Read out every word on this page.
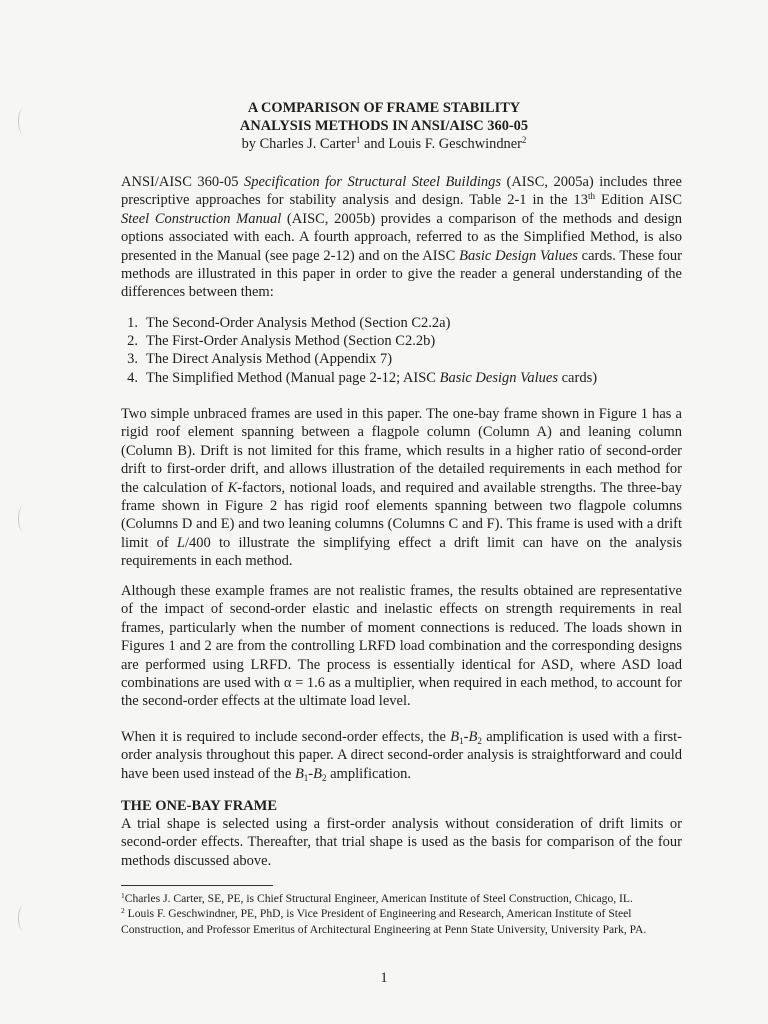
A COMPARISON OF FRAME STABILITY
ANALYSIS METHODS IN ANSI/AISC 360-05
by Charles J. Carter$^1$ and Louis F. Geschwindner$^2$

ANSI/AISC 360-05 Specification for Structural Steel Buildings (AISC, 2005a) includes three prescriptive approaches for stability analysis and design. Table 2-1 in the 13th Edition AISC Steel Construction Manual (AISC, 2005b) provides a comparison of the methods and design options associated with each. A fourth approach, referred to as the Simplified Method, is also presented in the Manual (see page 2-12) and on the AISC Basic Design Values cards. These four methods are illustrated in this paper in order to give the reader a general understanding of the differences between them:

1. The Second-Order Analysis Method (Section C2.2a)
2. The First-Order Analysis Method (Section C2.2b)
3. The Direct Analysis Method (Appendix 7)
4. The Simplified Method (Manual page 2-12; AISC Basic Design Values cards)

Two simple unbraced frames are used in this paper. The one-bay frame shown in Figure 1 has a rigid roof element spanning between a flagpole column (Column A) and leaning column (Column B). Drift is not limited for this frame, which results in a higher ratio of second-order drift to first-order drift, and allows illustration of the detailed requirements in each method for the calculation of K-factors, notional loads, and required and available strengths. The three-bay frame shown in Figure 2 has rigid roof elements spanning between two flagpole columns (Columns D and E) and two leaning columns (Columns C and F). This frame is used with a drift limit of L/400 to illustrate the simplifying effect a drift limit can have on the analysis requirements in each method.

Although these example frames are not realistic frames, the results obtained are representative of the impact of second-order elastic and inelastic effects on strength requirements in real frames, particularly when the number of moment connections is reduced. The loads shown in Figures 1 and 2 are from the controlling LRFD load combination and the corresponding designs are performed using LRFD. The process is essentially identical for ASD, where ASD load combinations are used with α = 1.6 as a multiplier, when required in each method, to account for the second-order effects at the ultimate load level.

When it is required to include second-order effects, the $B_1-B_2$ amplification is used with a first-order analysis throughout this paper. A direct second-order analysis is straightforward and could have been used instead of the $B_1-B_2$ amplification.

THE ONE-BAY FRAME

A trial shape is selected using a first-order analysis without consideration of drift limits or second-order effects. Thereafter, that trial shape is used as the basis for comparison of the four methods discussed above.

$^1$Charles J. Carter, SE, PE, is Chief Structural Engineer, American Institute of Steel Construction, Chicago, IL.
$^2$ Louis F. Geschwindner, PE, PhD, is Vice President of Engineering and Research, American Institute of Steel Construction, and Professor Emeritus of Architectural Engineering at Penn State University, University Park, PA.
1
